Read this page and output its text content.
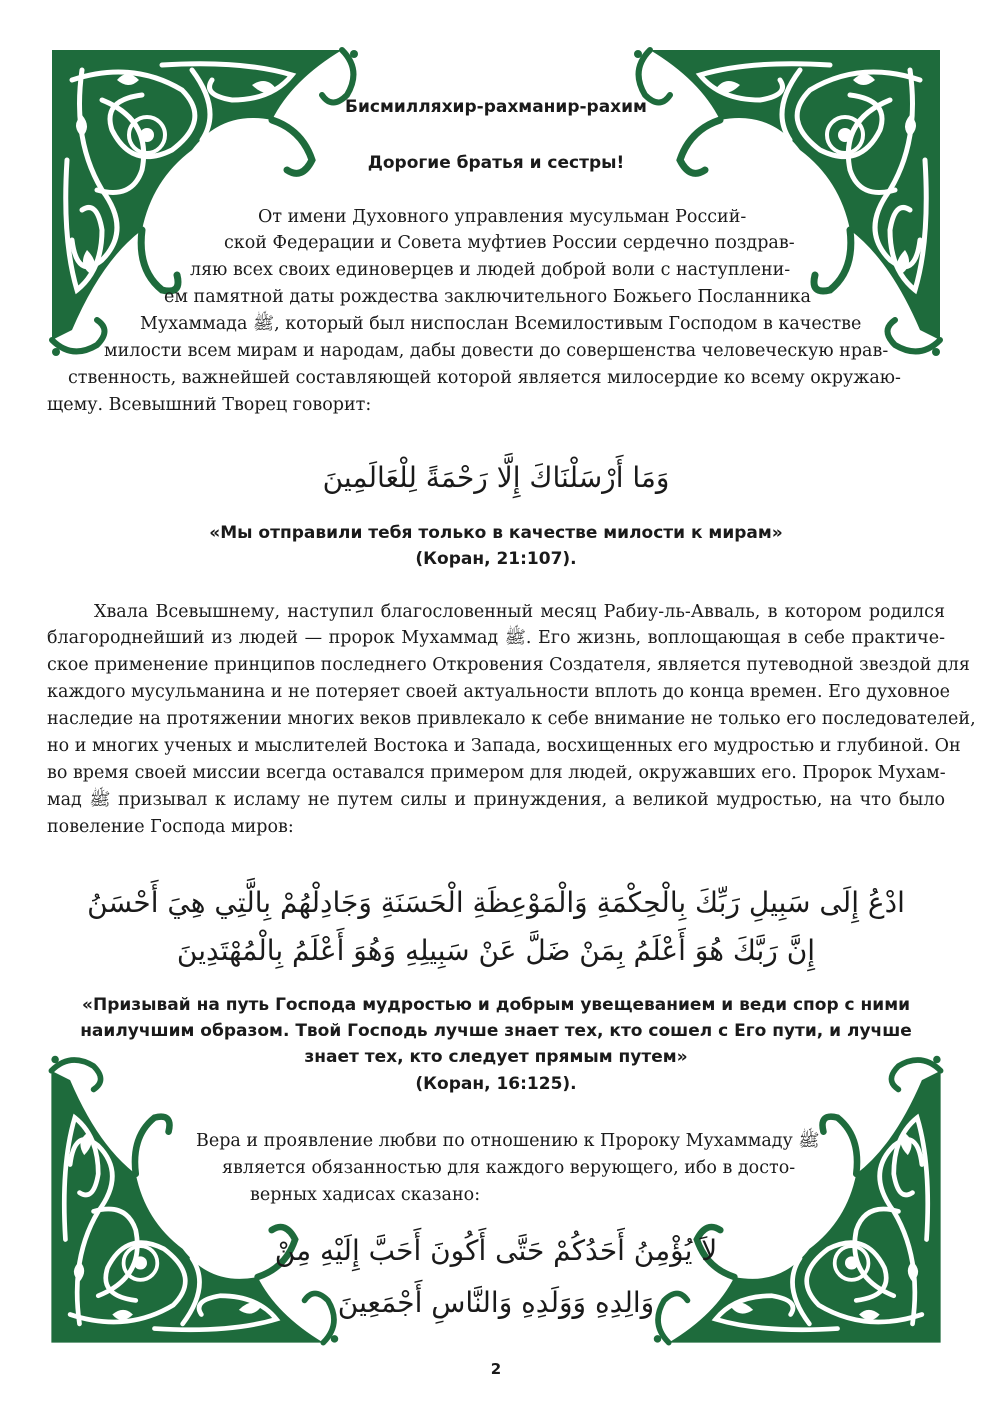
Бисмилляхир-рахманир-рахим
Дорогие братья и сестры!
От имени Духовного управления мусульман Россий-
ской Федерации и Совета муфтиев России сердечно поздрав-
ляю всех своих единоверцев и людей доброй воли с наступлени-
ем памятной даты рождества заключительного Божьего Посланника
Мухаммада ﷺ, который был ниспослан Всемилостивым Господом в качестве
милости всем мирам и народам, дабы довести до совершенства человеческую нрав-
ственность, важнейшей составляющей которой является милосердие ко всему окружаю-
щему. Всевышний Творец говорит:
وَمَا أَرْسَلْنَاكَ إِلَّا رَحْمَةً لِلْعَالَمِينَ
«Мы отправили тебя только в качестве милости к мирам»
(Коран, 21:107).
Хвала Всевышнему, наступил благословенный месяц Рабиу-ль-Авваль, в котором родился
благороднейший из людей — пророк Мухаммад ﷺ. Его жизнь, воплощающая в себе практиче-
ское применение принципов последнего Откровения Создателя, является путеводной звездой для
каждого мусульманина и не потеряет своей актуальности вплоть до конца времен. Его духовное
наследие на протяжении многих веков привлекало к себе внимание не только его последователей,
но и многих ученых и мыслителей Востока и Запада, восхищенных его мудростью и глубиной. Он
во время своей миссии всегда оставался примером для людей, окружавших его. Пророк Мухам-
мад ﷺ призывал к исламу не путем силы и принуждения, а великой мудростью, на что было
повеление Господа миров:
ادْعُ إِلَى سَبِيلِ رَبِّكَ بِالْحِكْمَةِ وَالْمَوْعِظَةِ الْحَسَنَةِ وَجَادِلْهُمْ بِالَّتِي هِيَ أَحْسَنُ
إِنَّ رَبَّكَ هُوَ أَعْلَمُ بِمَنْ ضَلَّ عَنْ سَبِيلِهِ وَهُوَ أَعْلَمُ بِالْمُهْتَدِينَ
«Призывай на путь Господа мудростью и добрым увещеванием и веди спор с ними
наилучшим образом. Твой Господь лучше знает тех, кто сошел с Его пути, и лучше
знает тех, кто следует прямым путем»
(Коран, 16:125).
Вера и проявление любви по отношению к Пророку Мухаммаду ﷺ
является обязанностью для каждого верующего, ибо в досто-
верных хадисах сказано:
لاَ يُؤْمِنُ أَحَدُكُمْ حَتَّى أَكُونَ أَحَبَّ إِلَيْهِ مِنْ
وَالِدِهِ وَوَلَدِهِ وَالنَّاسِ أَجْمَعِينَ
2
